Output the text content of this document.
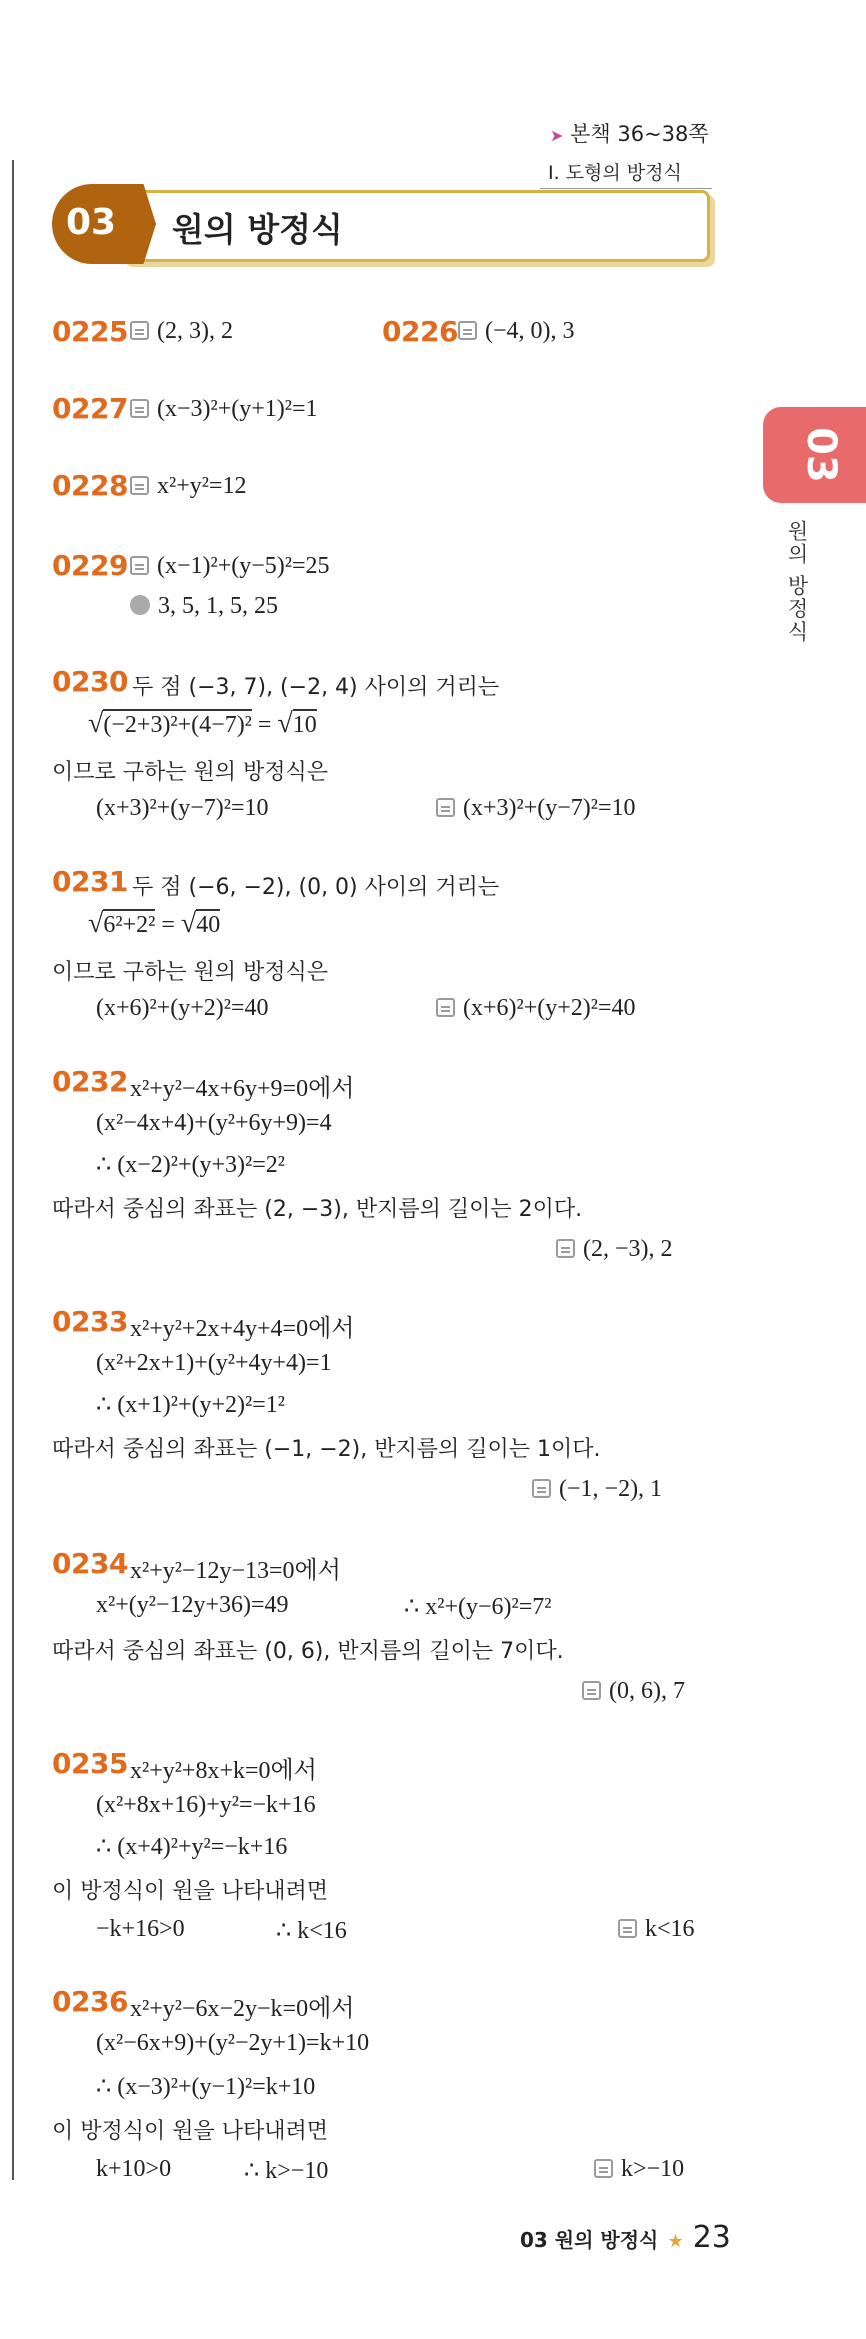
➤ 본책 36~38쪽
Ⅰ. 도형의 방정식
03 원의 방정식
03
원의 방정식
0225	(2, 3), 2	0226	(−4, 0), 3
0227	(x−3)²+(y+1)²=1
0228	x²+y²=12
0229	(x−1)²+(y−5)²=25
3, 5, 1, 5, 25
0230 두 점 (−3, 7), (−2, 4) 사이의 거리는
√(−2+3)²+(4−7)² = √10
이므로 구하는 원의 방정식은
(x+3)²+(y−7)²=10	(x+3)²+(y−7)²=10
0231 두 점 (−6, −2), (0, 0) 사이의 거리는
√6²+2² = √40
이므로 구하는 원의 방정식은
(x+6)²+(y+2)²=40	(x+6)²+(y+2)²=40
0232 x²+y²−4x+6y+9=0에서
(x²−4x+4)+(y²+6y+9)=4
∴ (x−2)²+(y+3)²=2²
따라서 중심의 좌표는 (2, −3), 반지름의 길이는 2이다.
(2, −3), 2
0233 x²+y²+2x+4y+4=0에서
(x²+2x+1)+(y²+4y+4)=1
∴ (x+1)²+(y+2)²=1²
따라서 중심의 좌표는 (−1, −2), 반지름의 길이는 1이다.
(−1, −2), 1
0234 x²+y²−12y−13=0에서
x²+(y²−12y+36)=49	∴ x²+(y−6)²=7²
따라서 중심의 좌표는 (0, 6), 반지름의 길이는 7이다.
(0, 6), 7
0235 x²+y²+8x+k=0에서
(x²+8x+16)+y²=−k+16
∴ (x+4)²+y²=−k+16
이 방정식이 원을 나타내려면
−k+16>0	∴ k<16	k<16
0236 x²+y²−6x−2y−k=0에서
(x²−6x+9)+(y²−2y+1)=k+10
∴ (x−3)²+(y−1)²=k+10
이 방정식이 원을 나타내려면
k+10>0	∴ k>−10	k>−10
03 원의 방정식 ★ 23
